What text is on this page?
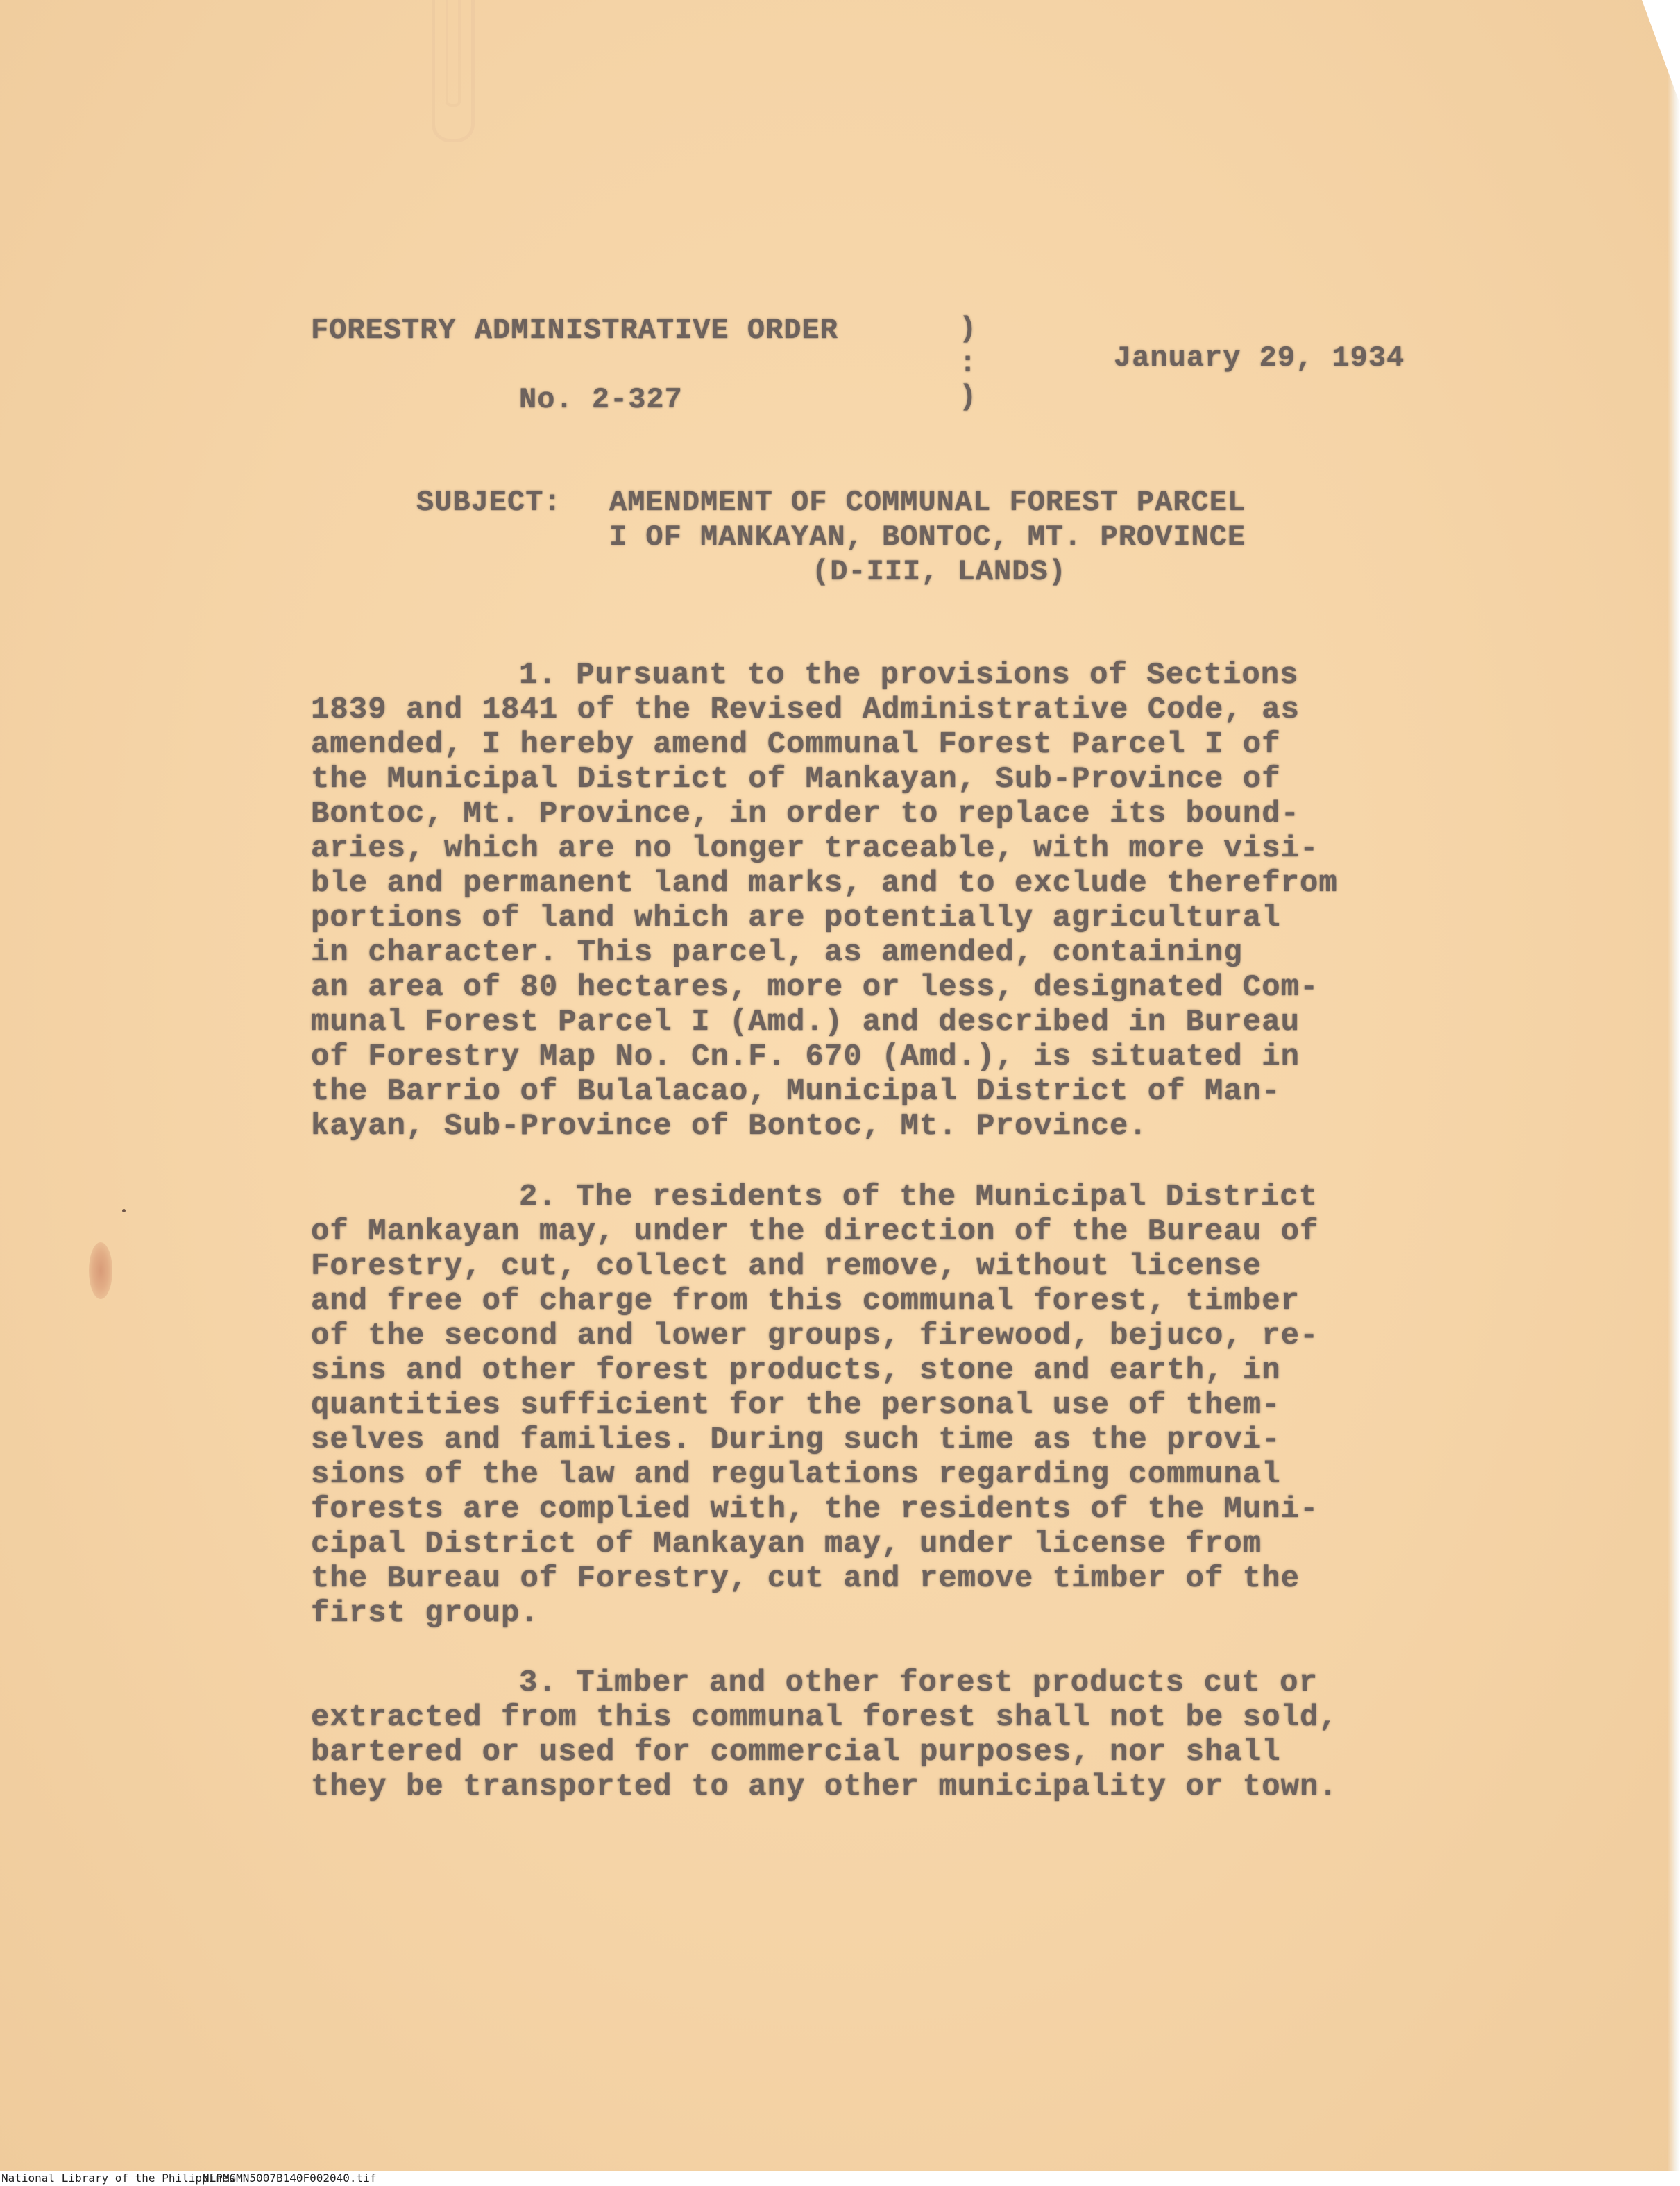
FORESTRY ADMINISTRATIVE ORDER	)

:

)

January 29, 1934

No. 2-327

SUBJECT: AMENDMENT OF COMMUNAL FOREST PARCEL

I OF MANKAYAN, BONTOC, MT. PROVINCE

(D-III, LANDS)

1. Pursuant to the provisions of Sections

1839 and 1841 of the Revised Administrative Code, as

amended, I hereby amend Communal Forest Parcel I of

the Municipal District of Mankayan, Sub-Province of

Bontoc, Mt. Province, in order to replace its bound-

aries, which are no longer traceable, with more visi-

ble and permanent land marks, and to exclude therefrom

portions of land which are potentially agricultural

in character. This parcel, as amended, containing

an area of 80 hectares, more or less, designated Com-

munal Forest Parcel I (Amd.) and described in Bureau

of Forestry Map No. Cn.F. 670 (Amd.), is situated in

the Barrio of Bulalacao, Municipal District of Man-

kayan, Sub-Province of Bontoc, Mt. Province.

2. The residents of the Municipal District

of Mankayan may, under the direction of the Bureau of

Forestry, cut, collect and remove, without license

and free of charge from this communal forest, timber

of the second and lower groups, firewood, bejuco, re-

sins and other forest products, stone and earth, in

quantities sufficient for the personal use of them-

selves and families. During such time as the provi-

sions of the law and regulations regarding communal

forests are complied with, the residents of the Muni-

cipal District of Mankayan may, under license from

the Bureau of Forestry, cut and remove timber of the

first group.

3. Timber and other forest products cut or

extracted from this communal forest shall not be sold,

bartered or used for commercial purposes, nor shall

they be transported to any other municipality or town.

National Library of the Philippines
NLPMGMN5007B140F002040.tif
